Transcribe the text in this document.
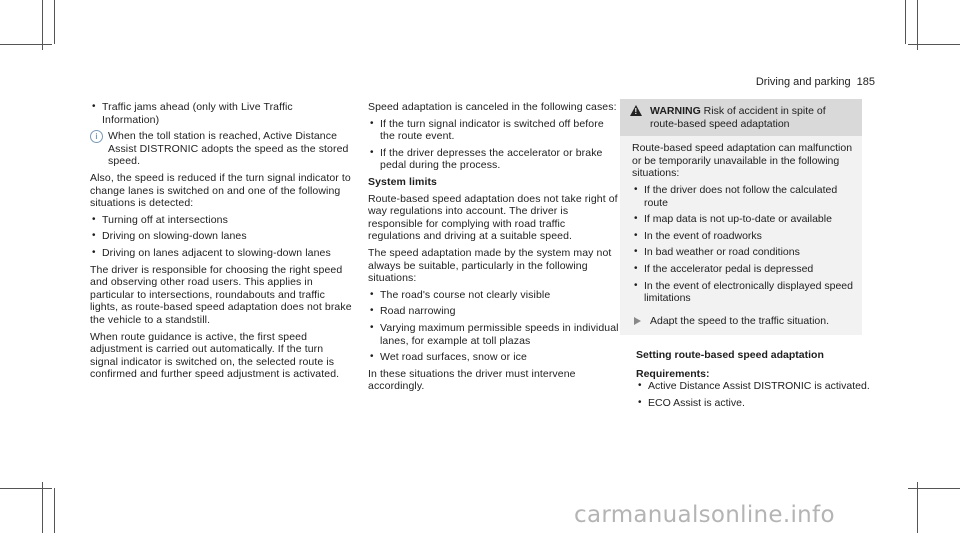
Driving and parking 185
• Traffic jams ahead (only with Live Traffic Information)
i When the toll station is reached, Active Distance Assist DISTRONIC adopts the speed as the stored speed.

Also, the speed is reduced if the turn signal indicator to change lanes is switched on and one of the following situations is detected:

• Turning off at intersections
• Driving on slowing-down lanes
• Driving on lanes adjacent to slowing-down lanes

The driver is responsible for choosing the right speed and observing other road users. This applies in particular to intersections, roundabouts and traffic lights, as route-based speed adaptation does not brake the vehicle to a standstill.

When route guidance is active, the first speed adjustment is carried out automatically. If the turn signal indicator is switched on, the selected route is confirmed and further speed adjustment is activated.

Speed adaptation is canceled in the following cases:

• If the turn signal indicator is switched off before the route event.
• If the driver depresses the accelerator or brake pedal during the process.

System limits

Route-based speed adaptation does not take right of way regulations into account. The driver is responsible for complying with road traffic regulations and driving at a suitable speed.

The speed adaptation made by the system may not always be suitable, particularly in the following situations:

• The road's course not clearly visible
• Road narrowing
• Varying maximum permissible speeds in individual lanes, for example at toll plazas
• Wet road surfaces, snow or ice

In these situations the driver must intervene accordingly.

!
WARNING Risk of accident in spite of route-based speed adaptation

Route-based speed adaptation can malfunction or be temporarily unavailable in the following situations:

• If the driver does not follow the calculated route
• If map data is not up-to-date or available
• In the event of roadworks
• In bad weather or road conditions
• If the accelerator pedal is depressed
• In the event of electronically displayed speed limitations
Adapt the speed to the traffic situation.

Setting route-based speed adaptation

Requirements:

• Active Distance Assist DISTRONIC is activated.
• ECO Assist is active.
carmanualsonline.info
